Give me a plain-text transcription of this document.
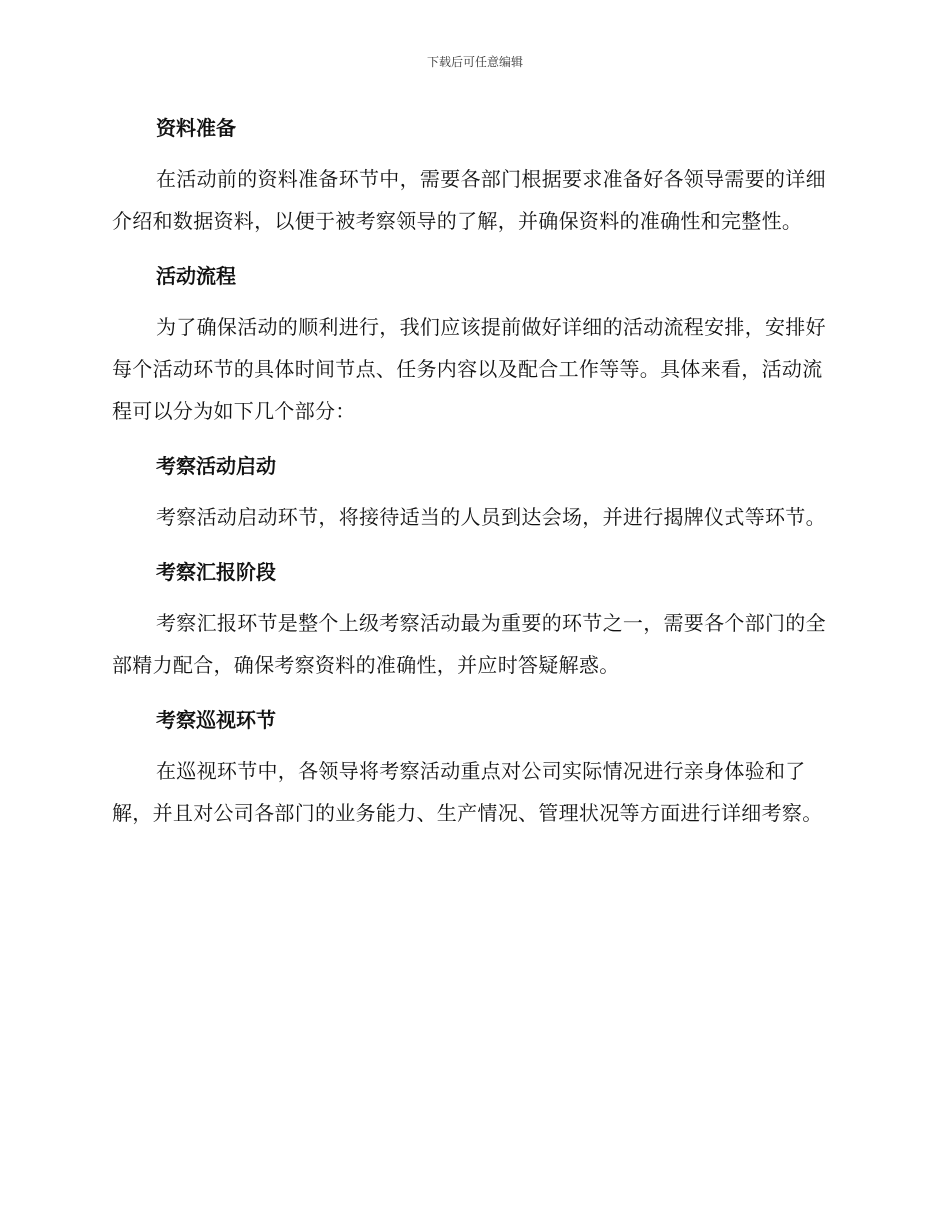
下载后可任意编辑
资料准备

在活动前的资料准备环节中，需要各部门根据要求准备好各领导需要的详细介绍和数据资料，以便于被考察领导的了解，并确保资料的准确性和完整性。

活动流程

为了确保活动的顺利进行，我们应该提前做好详细的活动流程安排，安排好每个活动环节的具体时间节点、任务内容以及配合工作等等。具体来看，活动流程可以分为如下几个部分：

考察活动启动

考察活动启动环节，将接待适当的人员到达会场，并进行揭牌仪式等环节。

考察汇报阶段

考察汇报环节是整个上级考察活动最为重要的环节之一，需要各个部门的全部精力配合，确保考察资料的准确性，并应时答疑解惑。

考察巡视环节

在巡视环节中，各领导将考察活动重点对公司实际情况进行亲身体验和了解，并且对公司各部门的业务能力、生产情况、管理状况等方面进行详细考察。
